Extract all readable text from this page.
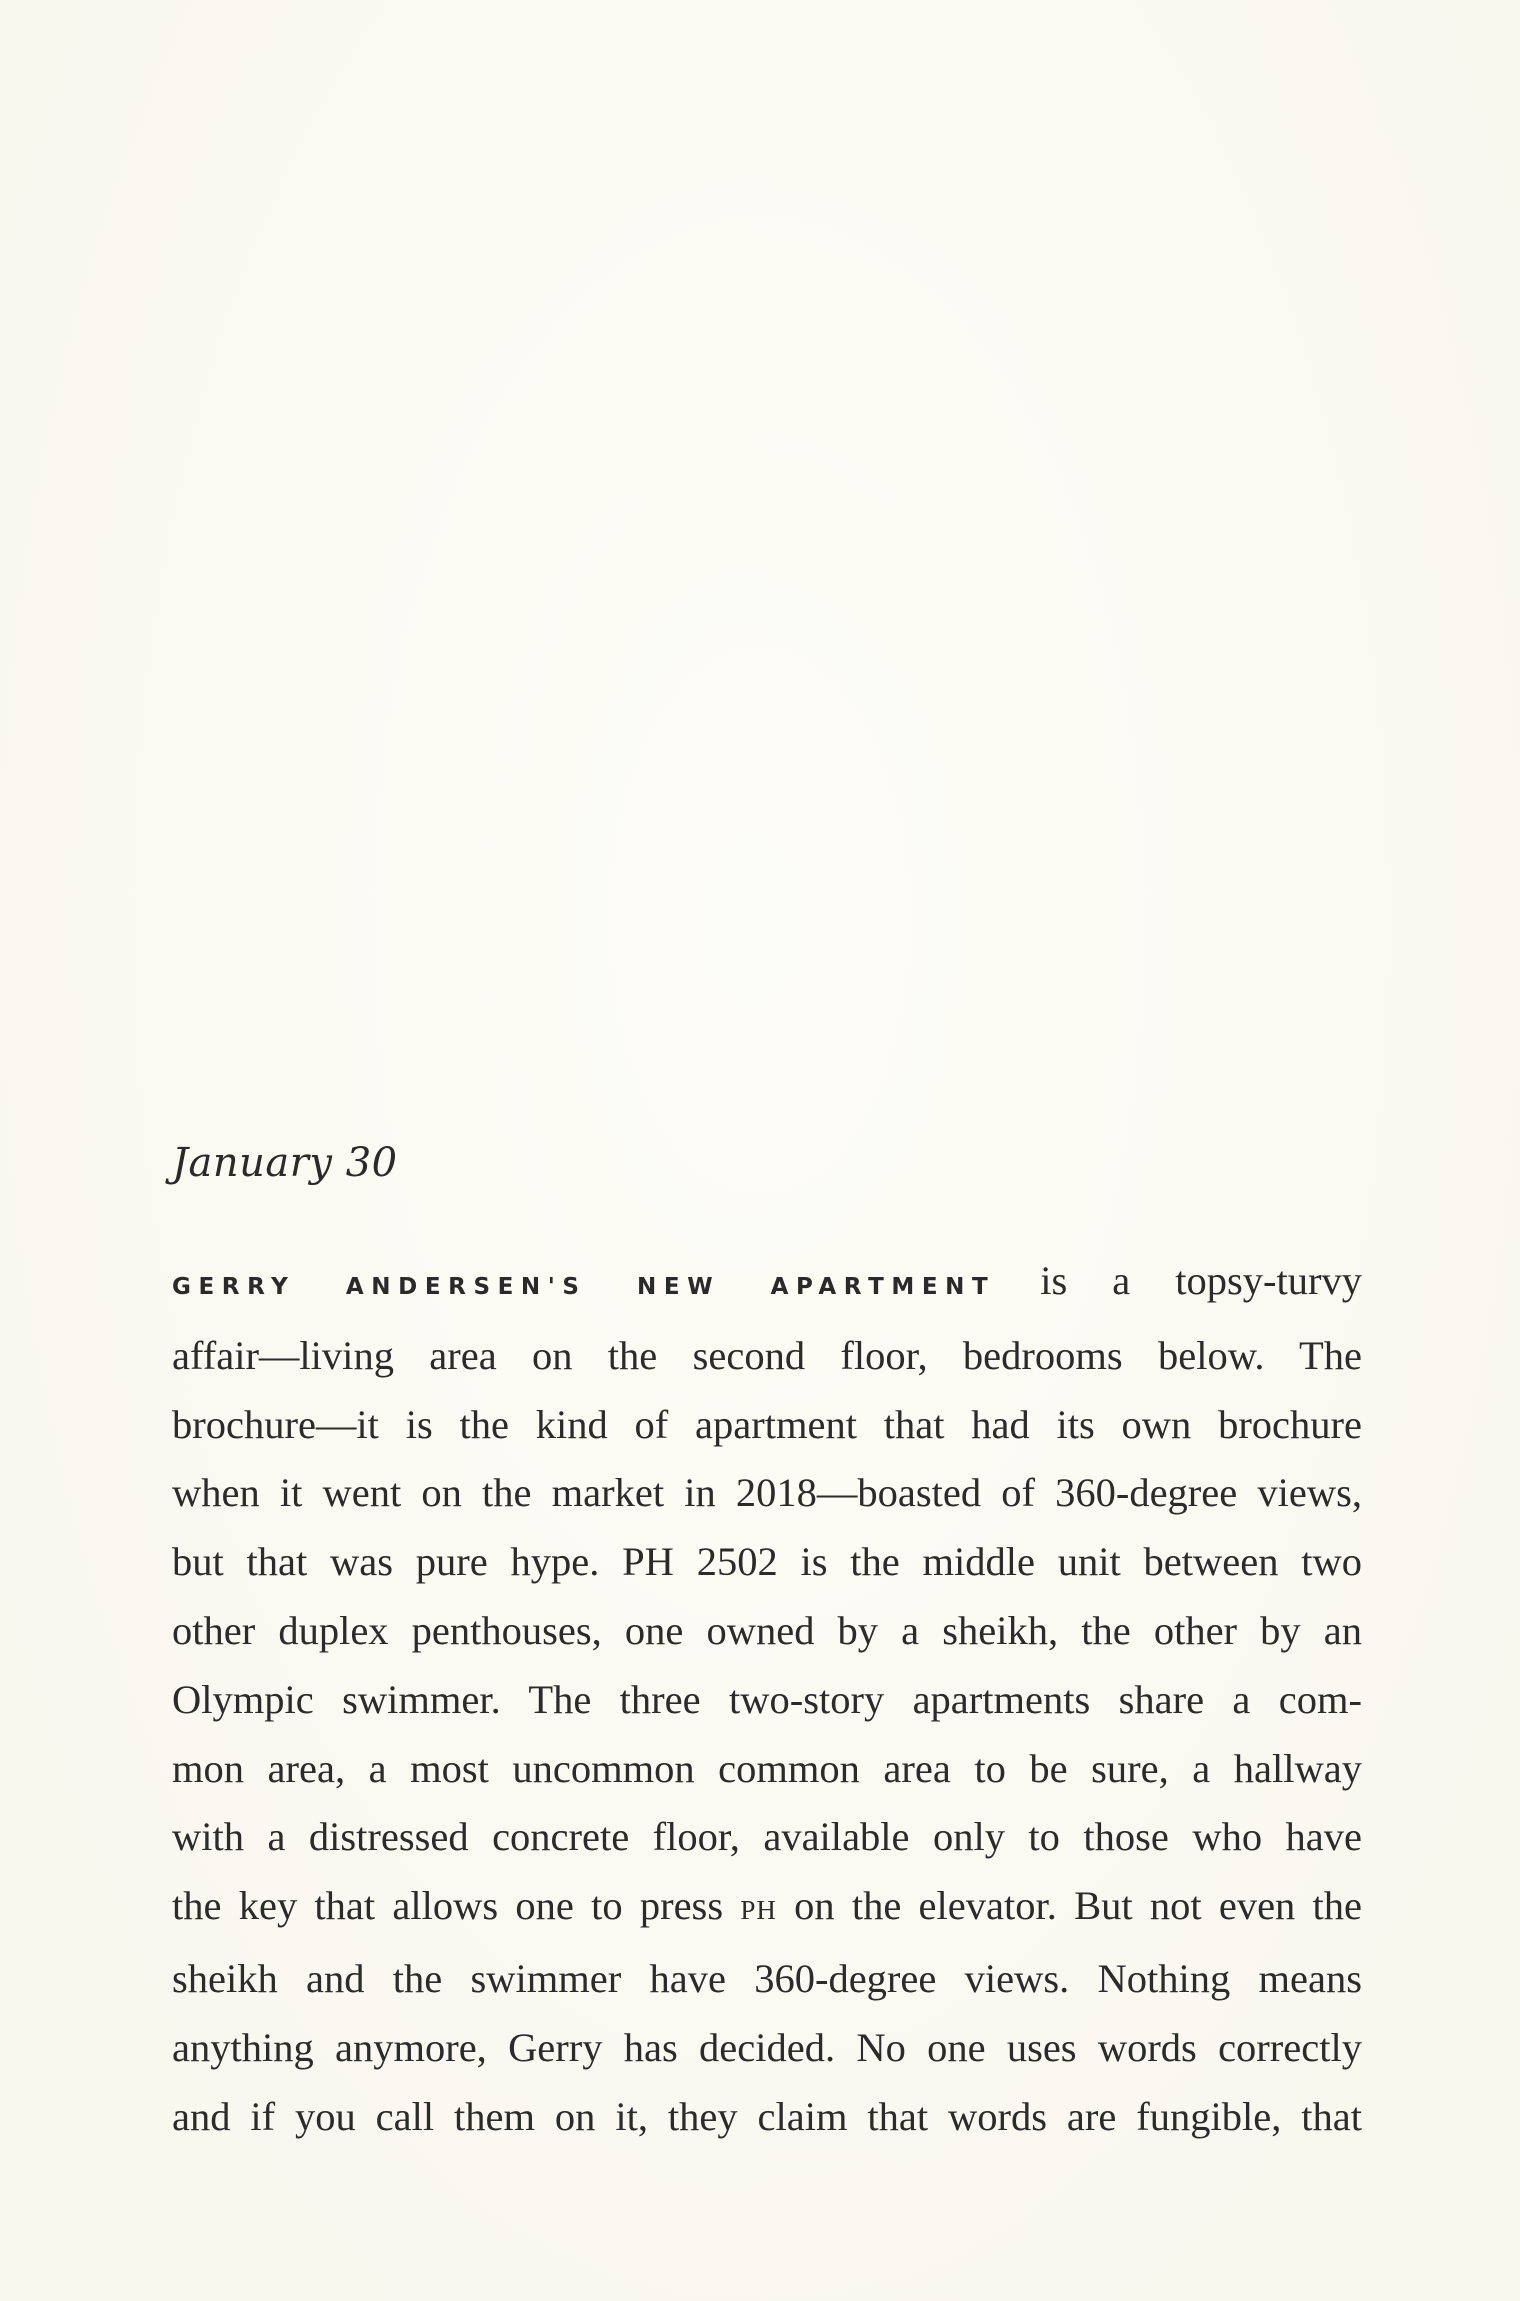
January 30
GERRY ANDERSEN'S NEW APARTMENT is a topsy-turvy
affair—living area on the second floor, bedrooms below. The
brochure—it is the kind of apartment that had its own brochure
when it went on the market in 2018—boasted of 360-degree views,
but that was pure hype. PH 2502 is the middle unit between two
other duplex penthouses, one owned by a sheikh, the other by an
Olympic swimmer. The three two-story apartments share a com-
mon area, a most uncommon common area to be sure, a hallway
with a distressed concrete floor, available only to those who have
the key that allows one to press PH on the elevator. But not even the
sheikh and the swimmer have 360-degree views. Nothing means
anything anymore, Gerry has decided. No one uses words correctly
and if you call them on it, they claim that words are fungible, that
